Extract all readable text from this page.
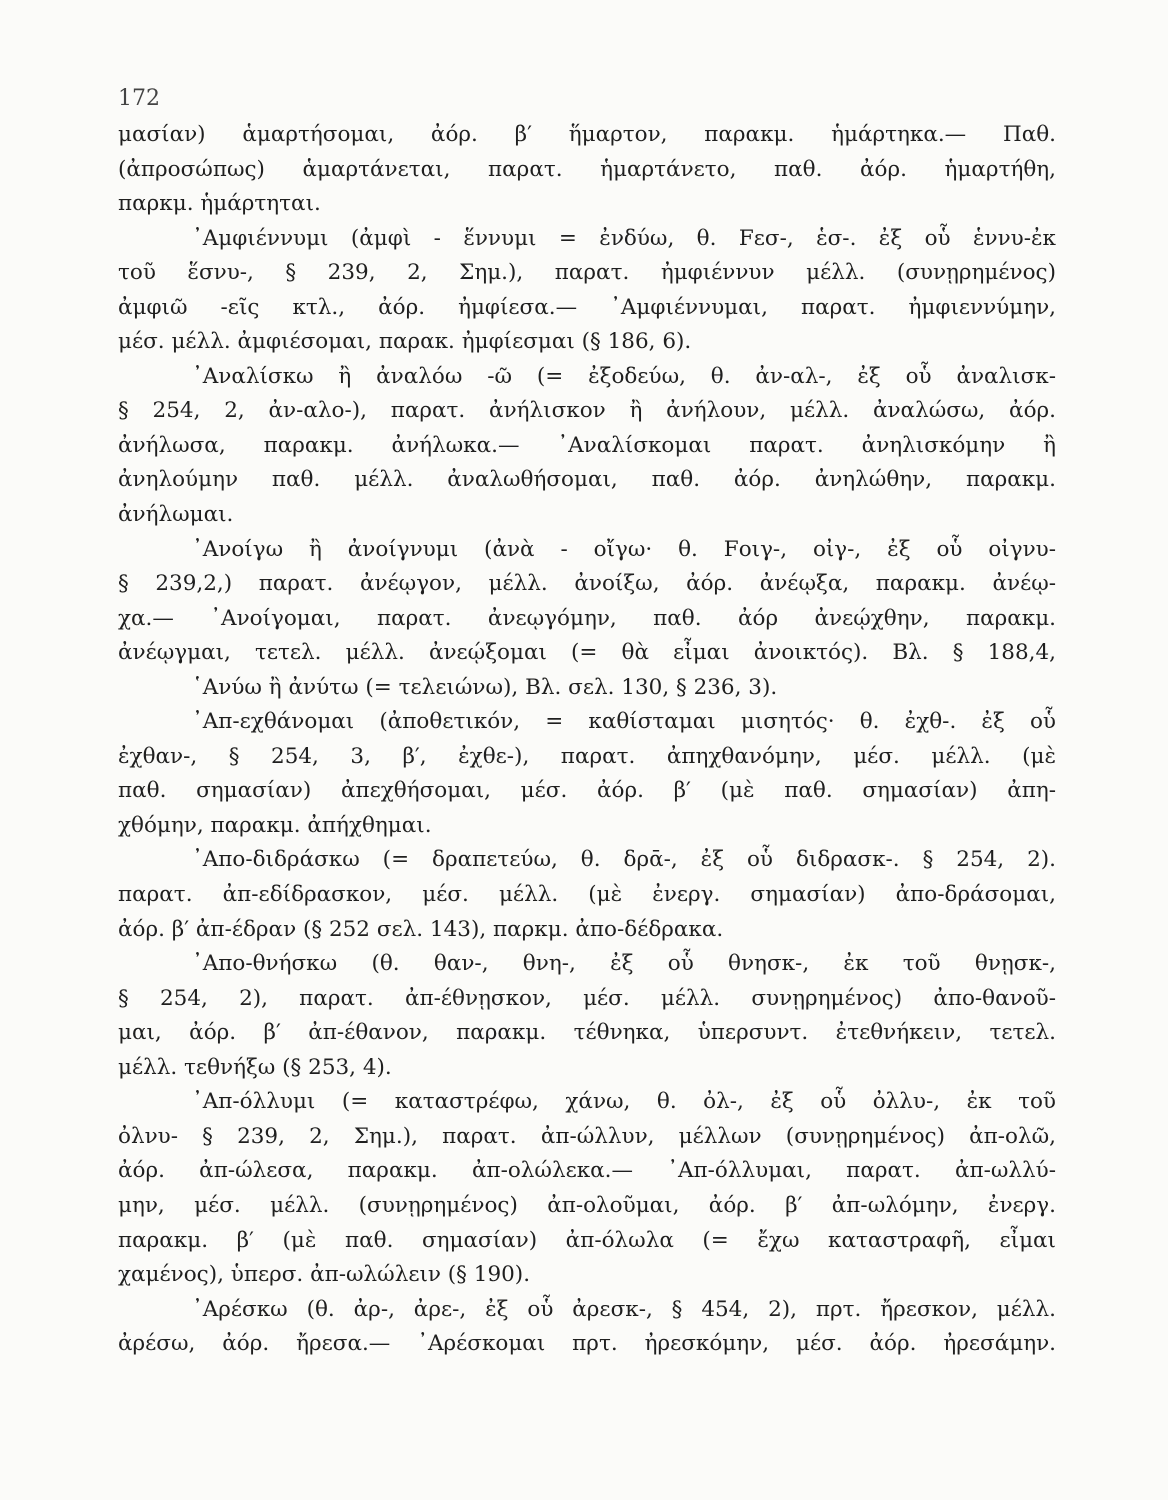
172
μασίαν) ἁμαρτήσομαι, ἀόρ. β′ ἥμαρτον, παρακμ. ἡμάρτηκα.— Παθ.
(ἀπροσώπως) ἁμαρτάνεται, παρατ. ἡμαρτάνετο, παθ. ἀόρ. ἡμαρτήθη,
παρκμ. ἡμάρτηται.
᾿Αμφιέννυμι (ἀμφὶ - ἕννυμι = ἐνδύω, θ. Fεσ-, ἑσ-. ἐξ οὗ ἑννυ-ἐκ
τοῦ ἕσνυ-, § 239, 2, Σημ.), παρατ. ἠμφιέννυν μέλλ. (συνῃρημένος)
ἀμφιῶ -εῖς κτλ., ἀόρ. ἠμφίεσα.— ᾿Αμφιέννυμαι, παρατ. ἠμφιεννύμην,
μέσ. μέλλ. ἀμφιέσομαι, παρακ. ἠμφίεσμαι (§ 186, 6).
᾿Αναλίσκω ἢ ἀναλόω -ῶ (= ἐξοδεύω, θ. ἀν-αλ-, ἐξ οὗ ἀναλισκ-
§ 254, 2, ἀν-αλο-), παρατ. ἀνήλισκον ἢ ἀνήλουν, μέλλ. ἀναλώσω, ἀόρ.
ἀνήλωσα, παρακμ. ἀνήλωκα.— ᾿Αναλίσκομαι παρατ. ἀνηλισκόμην ἢ
ἀνηλούμην παθ. μέλλ. ἀναλωθήσομαι, παθ. ἀόρ. ἀνηλώθην, παρακμ.
ἀνήλωμαι.
᾿Ανοίγω ἢ ἀνοίγνυμι (ἀνὰ - οἴγω· θ. Fοιγ-, οἰγ-, ἐξ οὗ οἰγνυ-
§ 239,2,) παρατ. ἀνέῳγον, μέλλ. ἀνοίξω, ἀόρ. ἀνέῳξα, παρακμ. ἀνέῳ-
χα.— ᾿Ανοίγομαι, παρατ. ἀνεῳγόμην, παθ. ἀόρ ἀνεῴχθην, παρακμ.
ἀνέῳγμαι, τετελ. μέλλ. ἀνεῴξομαι (= θὰ εἶμαι ἀνοικτός). Βλ. § 188,4,
῾Ανύω ἢ ἀνύτω (= τελειώνω), Βλ. σελ. 130, § 236, 3).
᾿Απ-εχθάνομαι (ἀποθετικόν, = καθίσταμαι μισητός· θ. ἐχθ-. ἐξ οὗ
ἐχθαν-, § 254, 3, β′, ἐχθε-), παρατ. ἀπηχθανόμην, μέσ. μέλλ. (μὲ
παθ. σημασίαν) ἀπεχθήσομαι, μέσ. ἀόρ. β′ (μὲ παθ. σημασίαν) ἀπη-
χθόμην, παρακμ. ἀπήχθημαι.
᾿Απο-διδράσκω (= δραπετεύω, θ. δρᾱ-, ἐξ οὗ διδρασκ-. § 254, 2).
παρατ. ἀπ-εδίδρασκον, μέσ. μέλλ. (μὲ ἐνεργ. σημασίαν) ἀπο-δράσομαι,
ἀόρ. β′ ἀπ-έδραν (§ 252 σελ. 143), παρκμ. ἀπο-δέδρακα.
᾿Απο-θνήσκω (θ. θαν-, θνη-, ἐξ οὗ θνησκ-, ἐκ τοῦ θνῃσκ-,
§ 254, 2), παρατ. ἀπ-έθνῃσκον, μέσ. μέλλ. συνῃρημένος) ἀπο-θανοῦ-
μαι, ἀόρ. β′ ἀπ-έθανον, παρακμ. τέθνηκα, ὑπερσυντ. ἐτεθνήκειν, τετελ.
μέλλ. τεθνήξω (§ 253, 4).
᾿Απ-όλλυμι (= καταστρέφω, χάνω, θ. ὀλ-, ἐξ οὗ ὀλλυ-, ἐκ τοῦ
ὀλνυ- § 239, 2, Σημ.), παρατ. ἀπ-ώλλυν, μέλλων (συνῃρημένος) ἀπ-ολῶ,
ἀόρ. ἀπ-ώλεσα, παρακμ. ἀπ-ολώλεκα.— ᾿Απ-όλλυμαι, παρατ. ἀπ-ωλλύ-
μην, μέσ. μέλλ. (συνῃρημένος) ἀπ-ολοῦμαι, ἀόρ. β′ ἀπ-ωλόμην, ἐνεργ.
παρακμ. β′ (μὲ παθ. σημασίαν) ἀπ-όλωλα (= ἔχω καταστραφῆ, εἶμαι
χαμένος), ὑπερσ. ἀπ-ωλώλειν (§ 190).
᾿Αρέσκω (θ. ἀρ-, ἀρε-, ἐξ οὗ ἀρεσκ-, § 454, 2), πρτ. ἤρεσκον, μέλλ.
ἀρέσω, ἀόρ. ἤρεσα.— ᾿Αρέσκομαι πρτ. ἠρεσκόμην, μέσ. ἀόρ. ἠρεσάμην.
